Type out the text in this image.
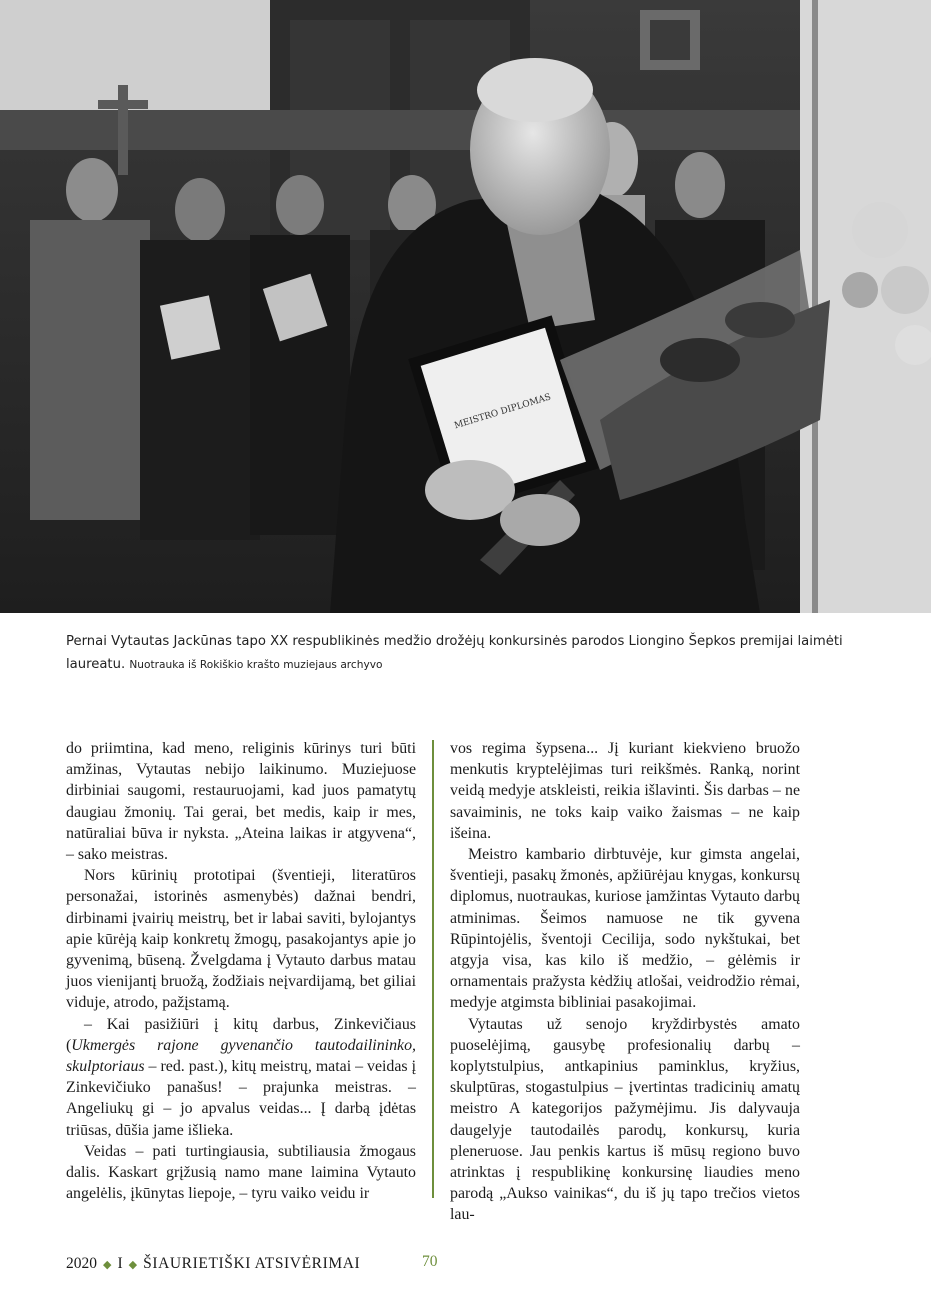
MEISTRO DIPLOMAS
Pernai Vytautas Jackūnas tapo XX respublikinės medžio drožėjų konkursinės parodos Liongino Šepkos premijai laimėti laureatu. Nuotrauka iš Rokiškio krašto muziejaus archyvo

do priimtina, kad meno, religinis kūrinys turi būti amžinas, Vytautas nebijo laikinumo. Muziejuose dirbiniai saugomi, restauruojami, kad juos pamatytų daugiau žmonių. Tai gerai, bet medis, kaip ir mes, natūraliai būva ir nyksta. „Ateina laikas ir atgyvena“, – sako meistras.

Nors kūrinių prototipai (šventieji, literatūros personažai, istorinės asmenybės) dažnai bendri, dirbinami įvairių meistrų, bet ir labai saviti, bylojantys apie kūrėją kaip konkretų žmogų, pasakojantys apie jo gyvenimą, būseną. Žvelgdama į Vytauto darbus matau juos vienijantį bruožą, žodžiais neįvardijamą, bet giliai viduje, atrodo, pažįstamą.

– Kai pasižiūri į kitų darbus, Zinkevičiaus (Ukmergės rajone gyvenančio tautodailininko, skulptoriaus – red. past.), kitų meistrų, matai – veidas į Zinkevičiuko panašus! – prajunka meistras. – Angeliukų gi – jo apvalus veidas... Į darbą įdėtas triūsas, dūšia jame išlieka.

Veidas – pati turtingiausia, subtiliausia žmogaus dalis. Kaskart grįžusią namo mane laimina Vytauto angelėlis, įkūnytas liepoje, – tyru vaiko veidu ir

vos regima šypsena... Jį kuriant kiekvieno bruožo menkutis kryptelėjimas turi reikšmės. Ranką, norint veidą medyje atskleisti, reikia išlavinti. Šis darbas – ne savaiminis, ne toks kaip vaiko žaismas – ne kaip išeina.

Meistro kambario dirbtuvėje, kur gimsta angelai, šventieji, pasakų žmonės, apžiūrėjau knygas, konkursų diplomus, nuotraukas, kuriose įamžintas Vytauto darbų atminimas. Šeimos namuose ne tik gyvena Rūpintojėlis, šventoji Cecilija, sodo nykštukai, bet atgyja visa, kas kilo iš medžio, – gėlėmis ir ornamentais pražysta kėdžių atlošai, veidrodžio rėmai, medyje atgimsta bibliniai pasakojimai.

Vytautas už senojo kryždirbystės amato puoselėjimą, gausybę profesionalių darbų – koplytstulpius, antkapinius paminklus, kryžius, skulptūras, stogastulpius – įvertintas tradicinių amatų meistro A kategorijos pažymėjimu. Jis dalyvauja daugelyje tautodailės parodų, konkursų, kuria pleneruose. Jau penkis kartus iš mūsų regiono buvo atrinktas į respublikinę konkursinę liaudies meno parodą „Aukso vainikas“, du iš jų tapo trečios vietos lau-

2020 ◆ I ◆ ŠIAURIETIŠKI ATSIVĖRIMAI	70
